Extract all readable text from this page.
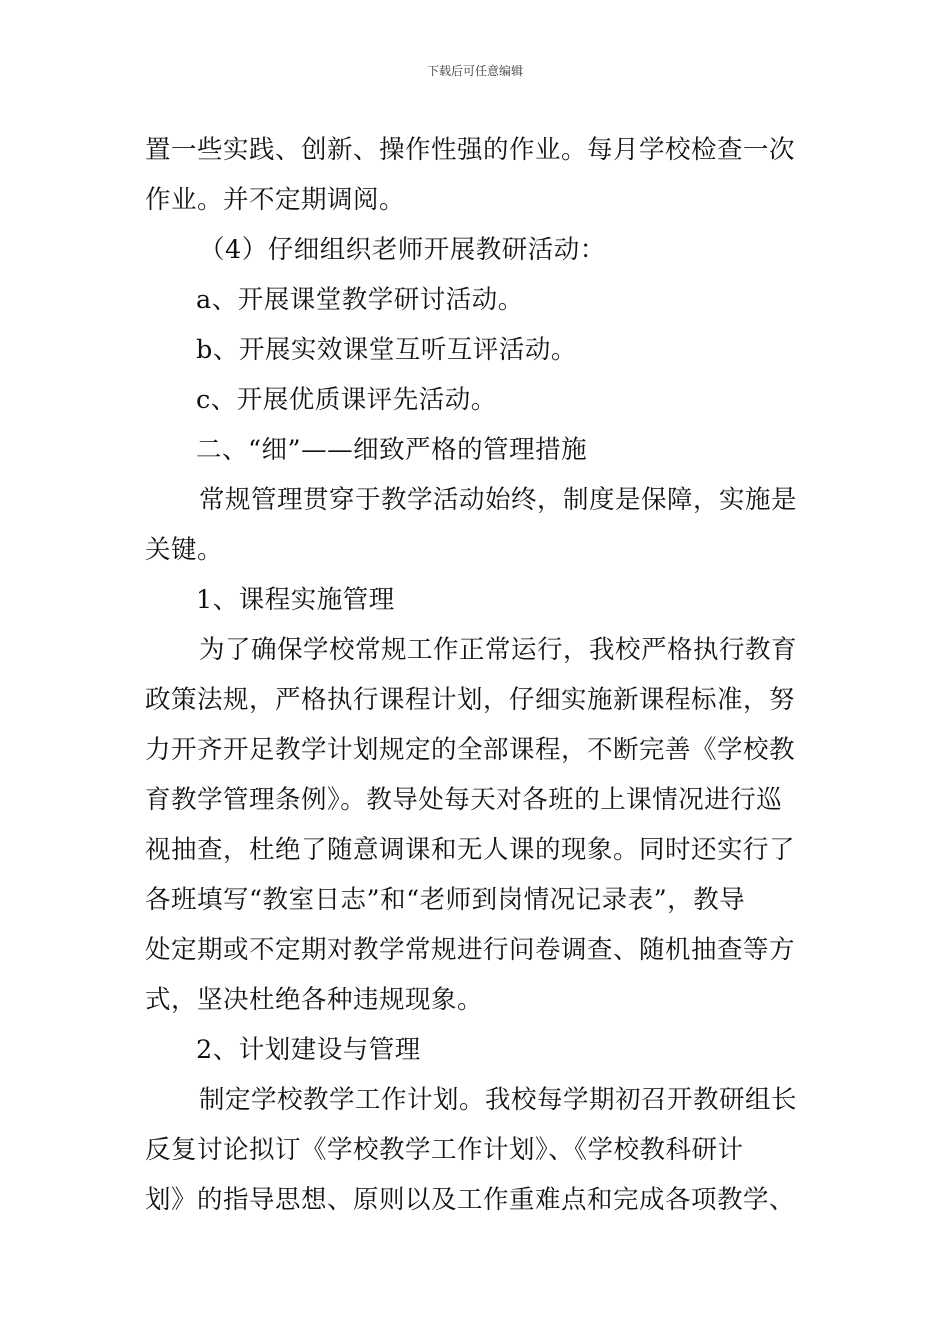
下载后可任意编辑
置一些实践、创新、操作性强的作业。每月学校检查一次
作业。并不定期调阅。
（4）仔细组织老师开展教研活动：
a、开展课堂教学研讨活动。
b、开展实效课堂互听互评活动。
c、开展优质课评先活动。
二、“细”——细致严格的管理措施
常规管理贯穿于教学活动始终，制度是保障，实施是
关键。
1、课程实施管理
为了确保学校常规工作正常运行，我校严格执行教育
政策法规，严格执行课程计划，仔细实施新课程标准，努
力开齐开足教学计划规定的全部课程，不断完善《学校教
育教学管理条例》。教导处每天对各班的上课情况进行巡
视抽查，杜绝了随意调课和无人课的现象。同时还实行了
各班填写“教室日志”和“老师到岗情况记录表”，教导
处定期或不定期对教学常规进行问卷调查、随机抽查等方
式，坚决杜绝各种违规现象。
2、计划建设与管理
制定学校教学工作计划。我校每学期初召开教研组长
反复讨论拟订《学校教学工作计划》、《学校教科研计
划》的指导思想、原则以及工作重难点和完成各项教学、
